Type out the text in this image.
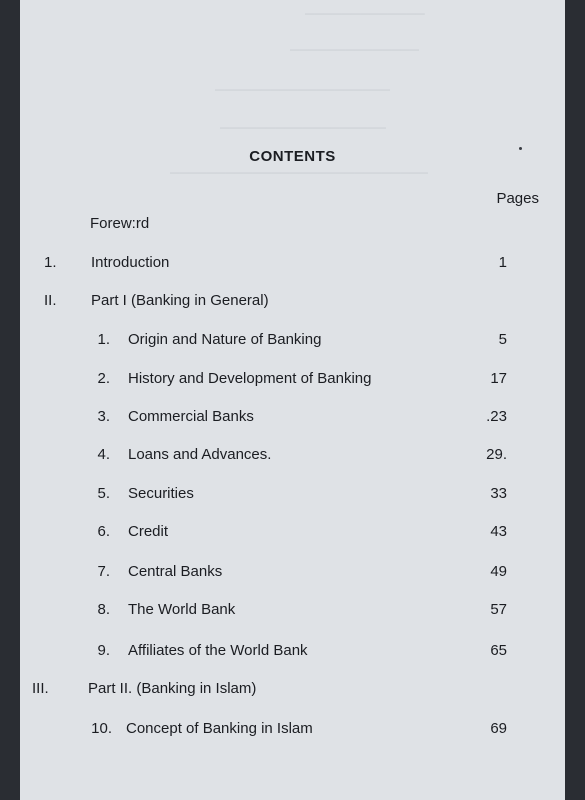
─────────────
──────────────
───────────────────
──────────────────
────────────────────────────
CONTENTS
Pages
Forew:rd
1.	Introduction	1
II.	Part I (Banking in General)
1. Origin and Nature of Banking	5
2. History and Development of Banking	17
3. Commercial Banks	.23
4. Loans and Advances.	29.
5. Securities	33
6. Credit	43
7. Central Banks	49
8. The World Bank	57
9. Affiliates of the World Bank	65
III.	Part II. (Banking in Islam)
10. Concept of Banking in Islam	69
